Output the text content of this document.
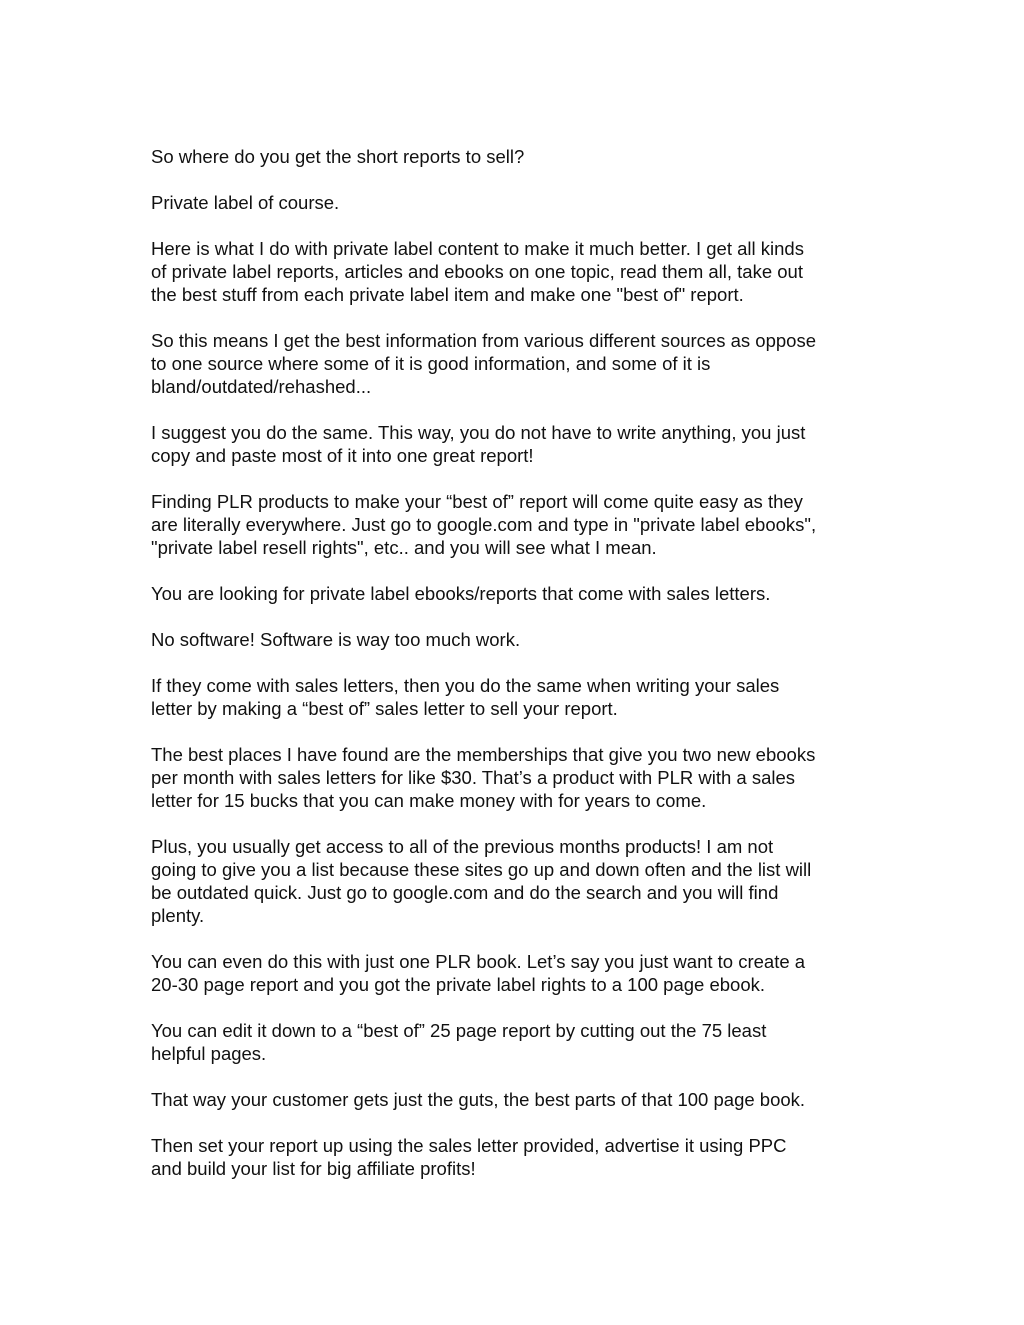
So where do you get the short reports to sell?

Private label of course.

Here is what I do with private label content to make it much better. I get all kinds
of private label reports, articles and ebooks on one topic, read them all, take out
the best stuff from each private label item and make one "best of" report.

So this means I get the best information from various different sources as oppose
to one source where some of it is good information, and some of it is
bland/outdated/rehashed...

I suggest you do the same. This way, you do not have to write anything, you just
copy and paste most of it into one great report!

Finding PLR products to make your “best of” report will come quite easy as they
are literally everywhere. Just go to google.com and type in "private label ebooks",
"private label resell rights", etc.. and you will see what I mean.

You are looking for private label ebooks/reports that come with sales letters.

No software! Software is way too much work.

If they come with sales letters, then you do the same when writing your sales
letter by making a “best of” sales letter to sell your report.

The best places I have found are the memberships that give you two new ebooks
per month with sales letters for like $30. That’s a product with PLR with a sales
letter for 15 bucks that you can make money with for years to come.

Plus, you usually get access to all of the previous months products! I am not
going to give you a list because these sites go up and down often and the list will
be outdated quick. Just go to google.com and do the search and you will find
plenty.

You can even do this with just one PLR book. Let’s say you just want to create a
20-30 page report and you got the private label rights to a 100 page ebook.

You can edit it down to a “best of” 25 page report by cutting out the 75 least
helpful pages.

That way your customer gets just the guts, the best parts of that 100 page book.

Then set your report up using the sales letter provided, advertise it using PPC
and build your list for big affiliate profits!
